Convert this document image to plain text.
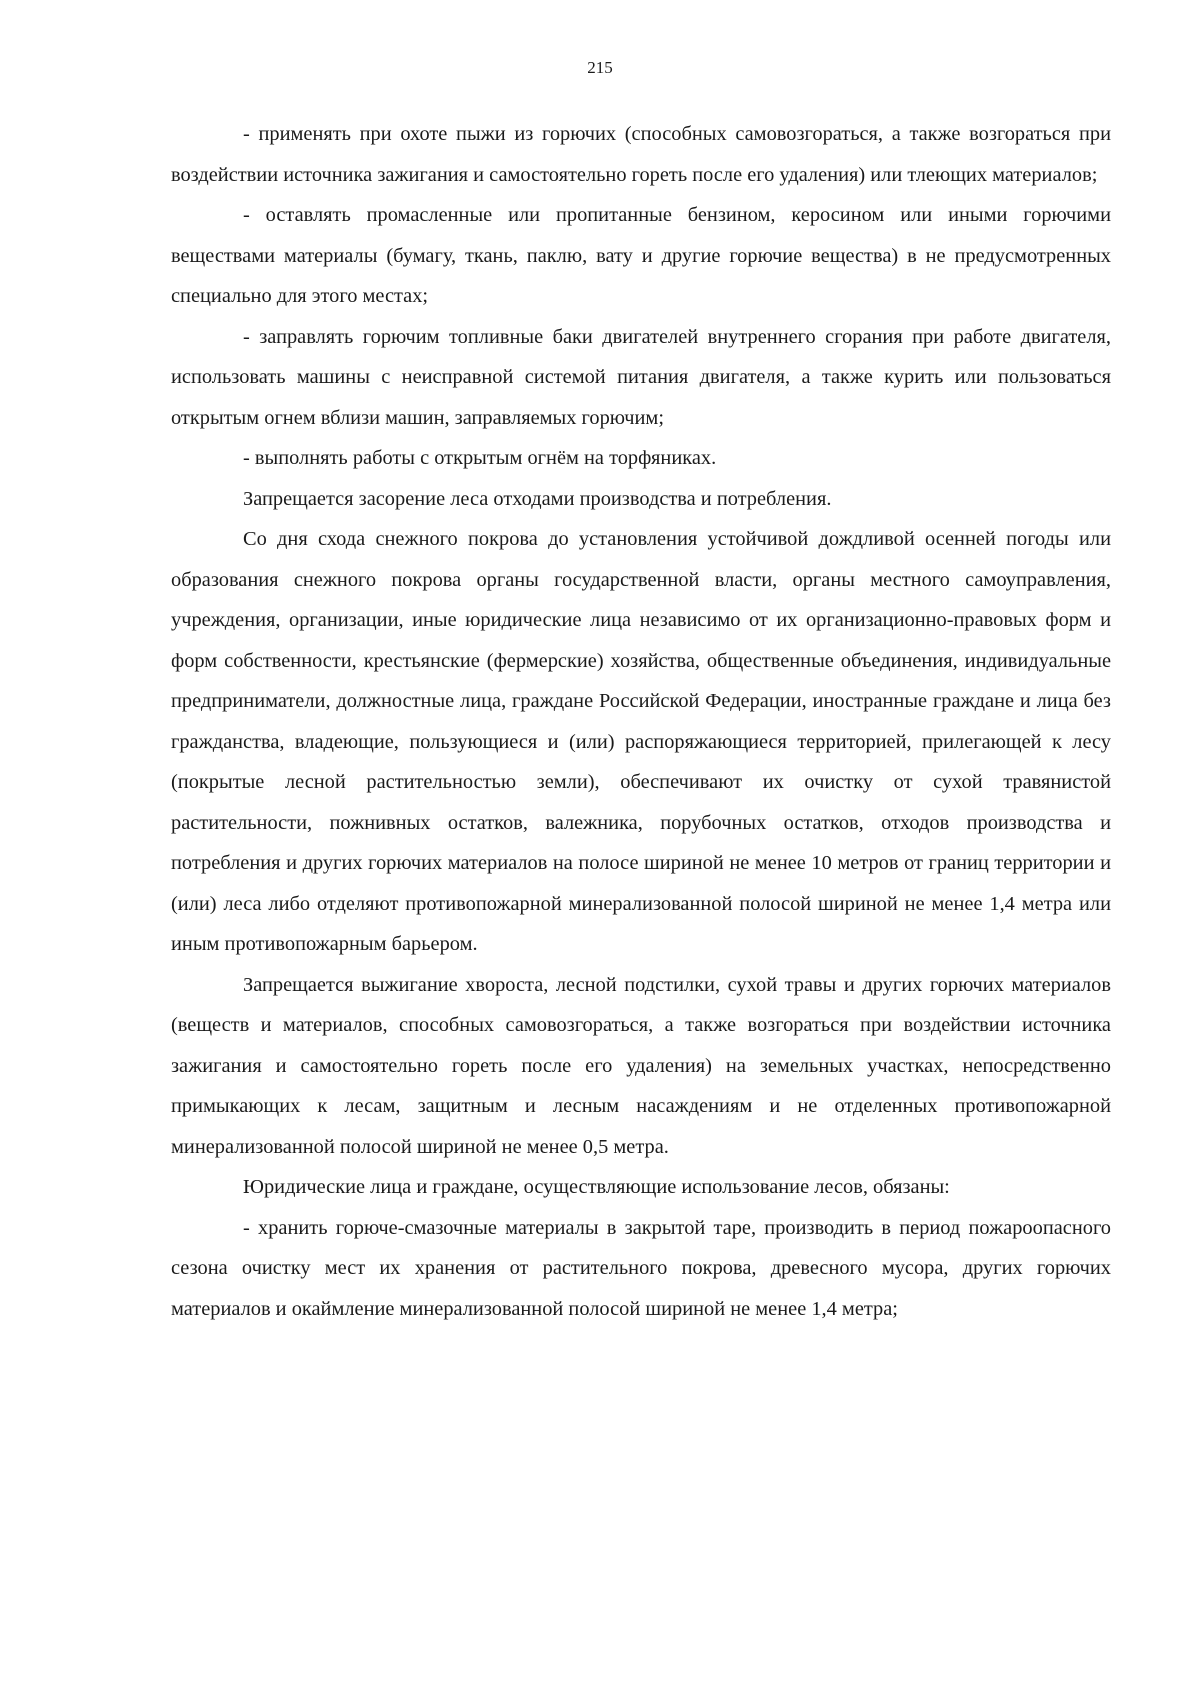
215

- применять при охоте пыжи из горючих (способных самовозгораться, а также возгораться при воздействии источника зажигания и самостоятельно гореть после его удаления) или тлеющих материалов;

- оставлять промасленные или пропитанные бензином, керосином или иными горючими веществами материалы (бумагу, ткань, паклю, вату и другие горючие вещества) в не предусмотренных специально для этого местах;

- заправлять горючим топливные баки двигателей внутреннего сгорания при работе двигателя, использовать машины с неисправной системой питания двигателя, а также курить или пользоваться открытым огнем вблизи машин, заправляемых горючим;

- выполнять работы с открытым огнём на торфяниках.

Запрещается засорение леса отходами производства и потребления.

Со дня схода снежного покрова до установления устойчивой дождливой осенней погоды или образования снежного покрова органы государственной власти, органы местного самоуправления, учреждения, организации, иные юридические лица независимо от их организационно-правовых форм и форм собственности, крестьянские (фермерские) хозяйства, общественные объединения, индивидуальные предприниматели, должностные лица, граждане Российской Федерации, иностранные граждане и лица без гражданства, владеющие, пользующиеся и (или) распоряжающиеся территорией, прилегающей к лесу (покрытые лесной растительностью земли), обеспечивают их очистку от сухой травянистой растительности, пожнивных остатков, валежника, порубочных остатков, отходов производства и потребления и других горючих материалов на полосе шириной не менее 10 метров от границ территории и (или) леса либо отделяют противопожарной минерализованной полосой шириной не менее 1,4 метра или иным противопожарным барьером.

Запрещается выжигание хвороста, лесной подстилки, сухой травы и других горючих материалов (веществ и материалов, способных самовозгораться, а также возгораться при воздействии источника зажигания и самостоятельно гореть после его удаления) на земельных участках, непосредственно примыкающих к лесам, защитным и лесным насаждениям и не отделенных противопожарной минерализованной полосой шириной не менее 0,5 метра.

Юридические лица и граждане, осуществляющие использование лесов, обязаны:

- хранить горюче-смазочные материалы в закрытой таре, производить в период пожароопасного сезона очистку мест их хранения от растительного покрова, древесного мусора, других горючих материалов и окаймление минерализованной полосой шириной не менее 1,4 метра;
